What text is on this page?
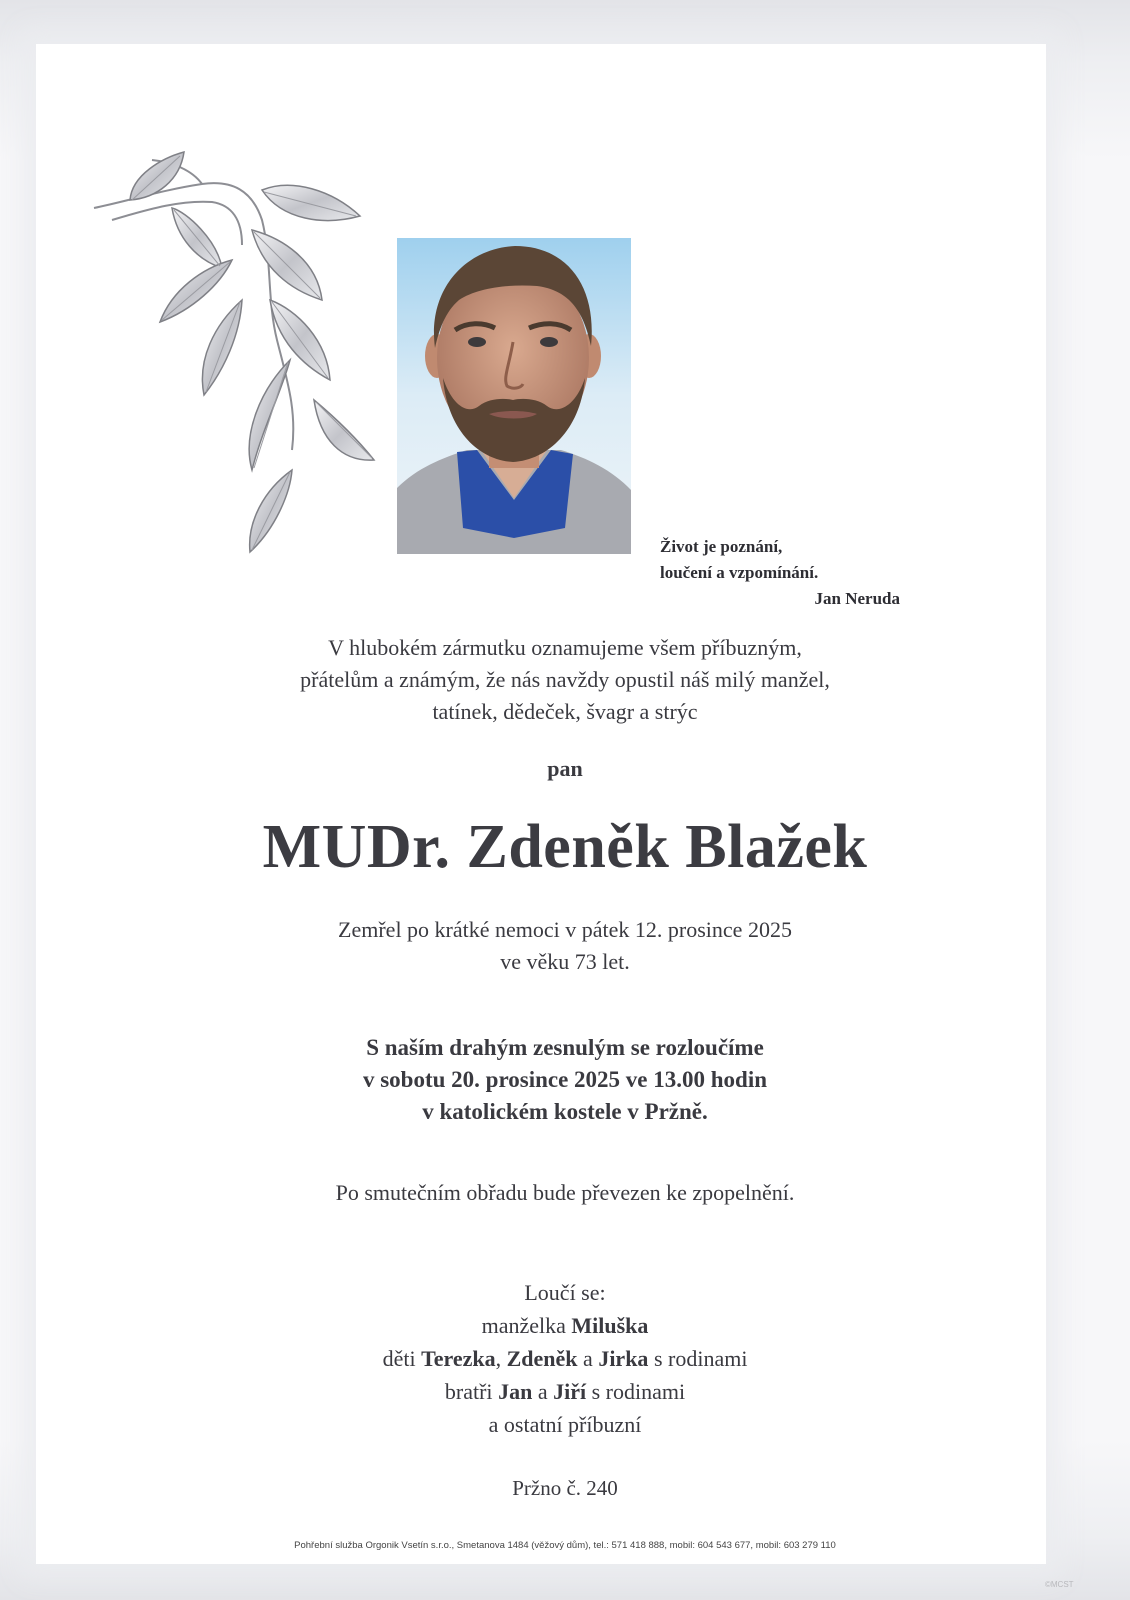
Život je poznání,
loučení a vzpomínání.
Jan Neruda
V hlubokém zármutku oznamujeme všem příbuzným,
přátelům a známým, že nás navždy opustil náš milý manžel,
tatínek, dědeček, švagr a strýc
pan
MUDr. Zdeněk Blažek
Zemřel po krátké nemoci v pátek 12. prosince 2025
ve věku 73 let.
S naším drahým zesnulým se rozloučíme
v sobotu 20. prosince 2025 ve 13.00 hodin
v katolickém kostele v Pržně.
Po smutečním obřadu bude převezen ke zpopelnění.
Loučí se:
manželka Miluška
děti Terezka, Zdeněk a Jirka s rodinami
bratři Jan a Jiří s rodinami
a ostatní příbuzní
Pržno č. 240
Pohřební služba Orgonik Vsetín s.r.o., Smetanova 1484 (věžový dům), tel.: 571 418 888, mobil: 604 543 677, mobil: 603 279 110
©MCST
